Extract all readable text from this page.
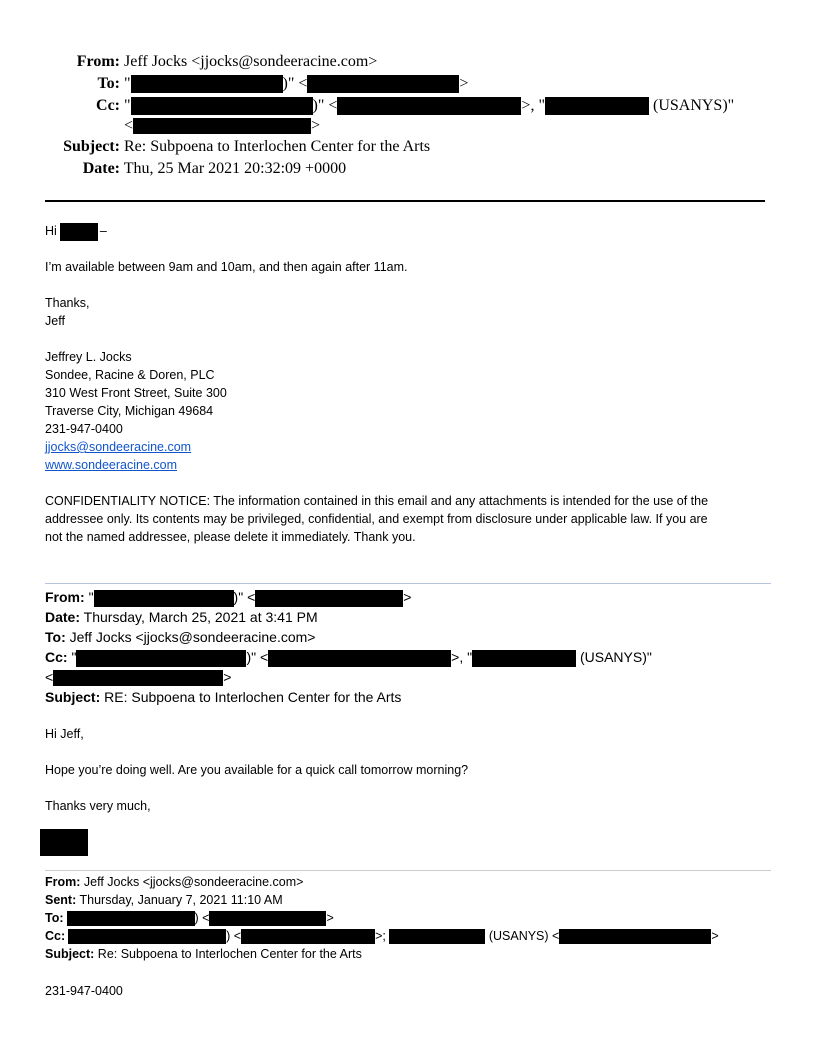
From: Jeff Jocks <jjocks@sondeeracine.com>
To: "	)" <	>
Cc: "	)" <	>, "	(USANYS)"
<	>
Subject: Re: Subpoena to Interlochen Center for the Arts
Date: Thu, 25 Mar 2021 20:32:09 +0000
Hi	–
I’m available between 9am and 10am, and then again after 11am.
Thanks,
Jeff
Jeffrey L. Jocks
Sondee, Racine & Doren, PLC
310 West Front Street, Suite 300
Traverse City, Michigan 49684
231-947-0400
jjocks@sondeeracine.com
www.sondeeracine.com
CONFIDENTIALITY NOTICE: The information contained in this email and any attachments is intended for the use of the
addressee only. Its contents may be privileged, confidential, and exempt from disclosure under applicable law. If you are
not the named addressee, please delete it immediately. Thank you.
From: "	)" <	>
Date: Thursday, March 25, 2021 at 3:41 PM
To: Jeff Jocks <jjocks@sondeeracine.com>
Cc: "	)" <	>, "	(USANYS)"
<	>
Subject: RE: Subpoena to Interlochen Center for the Arts
Hi Jeff,
Hope you’re doing well. Are you available for a quick call tomorrow morning?
Thanks very much,
From: Jeff Jocks <jjocks@sondeeracine.com>
Sent: Thursday, January 7, 2021 11:10 AM
To:	) <	>
Cc:	) <	>;	(USANYS) <	>
Subject: Re: Subpoena to Interlochen Center for the Arts
231-947-0400
